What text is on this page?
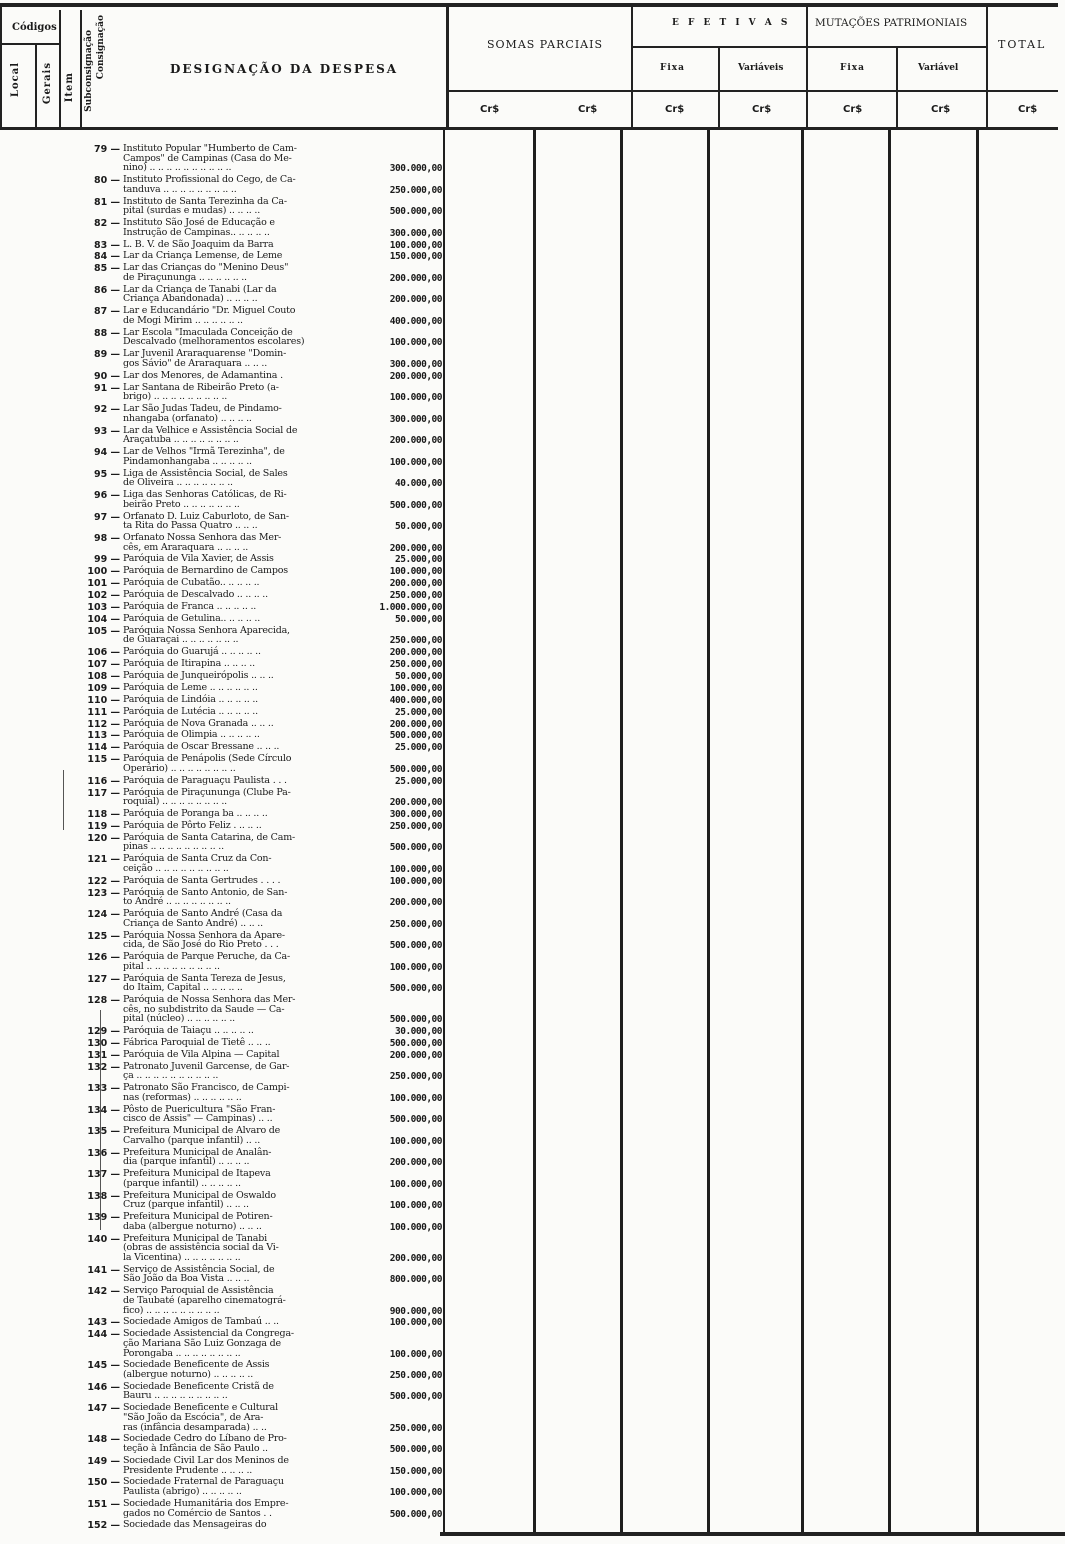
Códigos
Local Gerais Item Subconsignação Consignação	DESIGNAÇÃO DA DESPESA
SOMAS PARCIAIS
E F E T I V A S MUTAÇÕES PATRIMONIAIS
TOTAL
Fixa	Variáveis	Fixa	Variável
Cr$	Cr$	Cr$	Cr$	Cr$	Cr$	Cr$
79 — Instituto Popular "Humberto de Cam-
Campos" de Campinas (Casa do Me-
nino) .. .. .. .. .. .. .. .. .. ..	300.000,00
80 — Instituto Profissional do Cego, de Ca-
tanduva .. .. .. .. .. .. .. .. ..	250.000,00
81 — Instituto de Santa Terezinha da Ca-
pital (surdas e mudas) .. .. .. ..	500.000,00
82 — Instituto São José de Educação e
Instrução de Campinas.. .. .. .. ..	300.000,00
83 — L. B. V. de São Joaquim da Barra	100.000,00
84 — Lar da Criança Lemense, de Leme	150.000,00
85 — Lar das Crianças do "Menino Deus"
de Piraçununga .. .. .. .. .. ..	200.000,00
86 — Lar da Criança de Tanabi (Lar da
Criança Abandonada) .. .. .. ..	200.000,00
87 — Lar e Educandário "Dr. Miguel Couto
de Mogi Mirim .. .. .. .. .. ..	400.000,00
88 — Lar Escola "Imaculada Conceição de
Descalvado (melhoramentos escolares)	100.000,00
89 — Lar Juvenil Araraquarense "Domin-
gos Sávio" de Araraquara .. .. ..	300.000,00
90 — Lar dos Menores, de Adamantina .	200.000,00
91 — Lar Santana de Ribeirão Preto (a-
brigo) .. .. .. .. .. .. .. .. ..	100.000,00
92 — Lar São Judas Tadeu, de Pindamo-
nhangaba (orfanato) .. .. .. ..	300.000,00
93 — Lar da Velhice e Assistência Social de
Araçatuba .. .. .. .. .. .. .. ..	200.000,00
94 — Lar de Velhos "Irmã Terezinha", de
Pindamonhangaba .. .. .. .. ..	100.000,00
95 — Liga de Assistência Social, de Sales
de Oliveira .. .. .. .. .. .. ..	40.000,00
96 — Liga das Senhoras Católicas, de Ri-
beirão Preto .. .. .. .. .. .. ..	500.000,00
97 — Orfanato D. Luiz Caburloto, de San-
ta Rita do Passa Quatro .. .. ..	50.000,00
98 — Orfanato Nossa Senhora das Mer-
cês, em Araraquara .. .. .. ..	200.000,00
99 — Paróquia de Vila Xavier, de Assis	25.000,00
100 — Paróquia de Bernardino de Campos	100.000,00
101 — Paróquia de Cubatão.. .. .. .. ..	200.000,00
102 — Paróquia de Descalvado .. .. .. ..	250.000,00
103 — Paróquia de Franca .. .. .. .. ..	1.000.000,00
104 — Paróquia de Getulina.. .. .. .. ..	50.000,00
105 — Paróquia Nossa Senhora Aparecida,
de Guaraçai .. .. .. .. .. .. ..	250.000,00
106 — Paróquia do Guarujá .. .. .. .. ..	200.000,00
107 — Paróquia de Itirapina .. .. .. ..	250.000,00
108 — Paróquia de Junqueirópolis .. .. ..	50.000,00
109 — Paróquia de Leme .. .. .. .. .. ..	100.000,00
110 — Paróquia de Lindóia .. .. .. .. ..	400.000,00
111 — Paróquia de Lutécia .. .. .. .. ..	25.000,00
112 — Paróquia de Nova Granada .. .. ..	200.000,00
113 — Paróquia de Olimpia .. .. .. .. ..	500.000,00
114 — Paróquia de Oscar Bressane .. .. ..	25.000,00
115 — Paróquia de Penápolis (Sede Círculo
Operário) .. .. .. .. .. .. .. ..	500.000,00
116 — Paróquia de Paraguaçu Paulista . . .	25.000,00
117 — Paróquia de Piraçununga (Clube Pa-
roquial) .. .. .. .. .. .. .. ..	200.000,00
118 — Paróquia de Poranga ba .. .. .. ..	300.000,00
119 — Paróquia de Pôrto Feliz . .. .. ..	250.000,00
120 — Paróquia de Santa Catarina, de Cam-
pinas .. .. .. .. .. .. .. .. ..	500.000,00
121 — Paróquia de Santa Cruz da Con-
ceição .. .. .. .. .. .. .. .. ..	100.000,00
122 — Paróquia de Santa Gertrudes . . . .	100.000,00
123 — Paróquia de Santo Antonio, de San-
to André .. .. .. .. .. .. .. ..	200.000,00
124 — Paróquia de Santo André (Casa da
Criança de Santo André) .. .. ..	250.000,00
125 — Paróquia Nossa Senhora da Apare-
cida, de São José do Rio Preto . . .	500.000,00
126 — Paróquia de Parque Peruche, da Ca-
pital .. .. .. .. .. .. .. .. ..	100.000,00
127 — Paróquia de Santa Tereza de Jesus,
do Itaim, Capital .. .. .. .. ..	500.000,00
128 — Paróquia de Nossa Senhora das Mer-
cês, no subdistrito da Saude — Ca-
pital (núcleo) .. .. .. .. .. ..	500.000,00
129 — Paróquia de Taiaçu .. .. .. .. ..	30.000,00
130 — Fábrica Paroquial de Tietê .. .. ..	500.000,00
131 — Paróquia de Vila Alpina — Capital	200.000,00
132 — Patronato Juvenil Garcense, de Gar-
ça .. .. .. .. .. .. .. .. .. ..	250.000,00
133 — Patronato São Francisco, de Campi-
nas (reformas) .. .. .. .. .. ..	100.000,00
134 — Pôsto de Puericultura "São Fran-
cisco de Assis" — Campinas) .. ..	500.000,00
135 — Prefeitura Municipal de Alvaro de
Carvalho (parque infantil) .. ..	100.000,00
136 — Prefeitura Municipal de Analân-
dia (parque infantil) .. .. .. ..	200.000,00
137 — Prefeitura Municipal de Itapeva
(parque infantil) .. .. .. .. ..	100.000,00
138 — Prefeitura Municipal de Oswaldo
Cruz (parque infantil) .. .. ..	100.000,00
139 — Prefeitura Municipal de Potiren-
daba (albergue noturno) .. .. ..	100.000,00
140 — Prefeitura Municipal de Tanabi
(obras de assistência social da Vi-
la Vicentina) .. .. .. .. .. .. ..	200.000,00
141 — Serviço de Assistência Social, de
São João da Boa Vista .. .. ..	800.000,00
142 — Serviço Paroquial de Assistência
de Taubaté (aparelho cinematográ-
fico) .. .. .. .. .. .. .. .. ..	900.000,00
143 — Sociedade Amigos de Tambaú .. ..	100.000,00
144 — Sociedade Assistencial da Congrega-
ção Mariana São Luiz Gonzaga de
Porongaba .. .. .. .. .. .. .. ..	100.000,00
145 — Sociedade Beneficente de Assis
(albergue noturno) .. .. .. .. ..	250.000,00
146 — Sociedade Beneficente Cristã de
Bauru .. .. .. .. .. .. .. .. ..	500.000,00
147 — Sociedade Beneficente e Cultural
"São João da Escócia", de Ara-
ras (infância desamparada) .. ..	250.000,00
148 — Sociedade Cedro do Líbano de Pro-
teção à Infância de São Paulo ..	500.000,00
149 — Sociedade Civil Lar dos Meninos de
Presidente Prudente .. .. .. ..	150.000,00
150 — Sociedade Fraternal de Paraguaçu
Paulista (abrigo) .. .. .. .. ..	100.000,00
151 — Sociedade Humanitária dos Empre-
gados no Comércio de Santos . .	500.000,00
152 — Sociedade das Mensageiras do
